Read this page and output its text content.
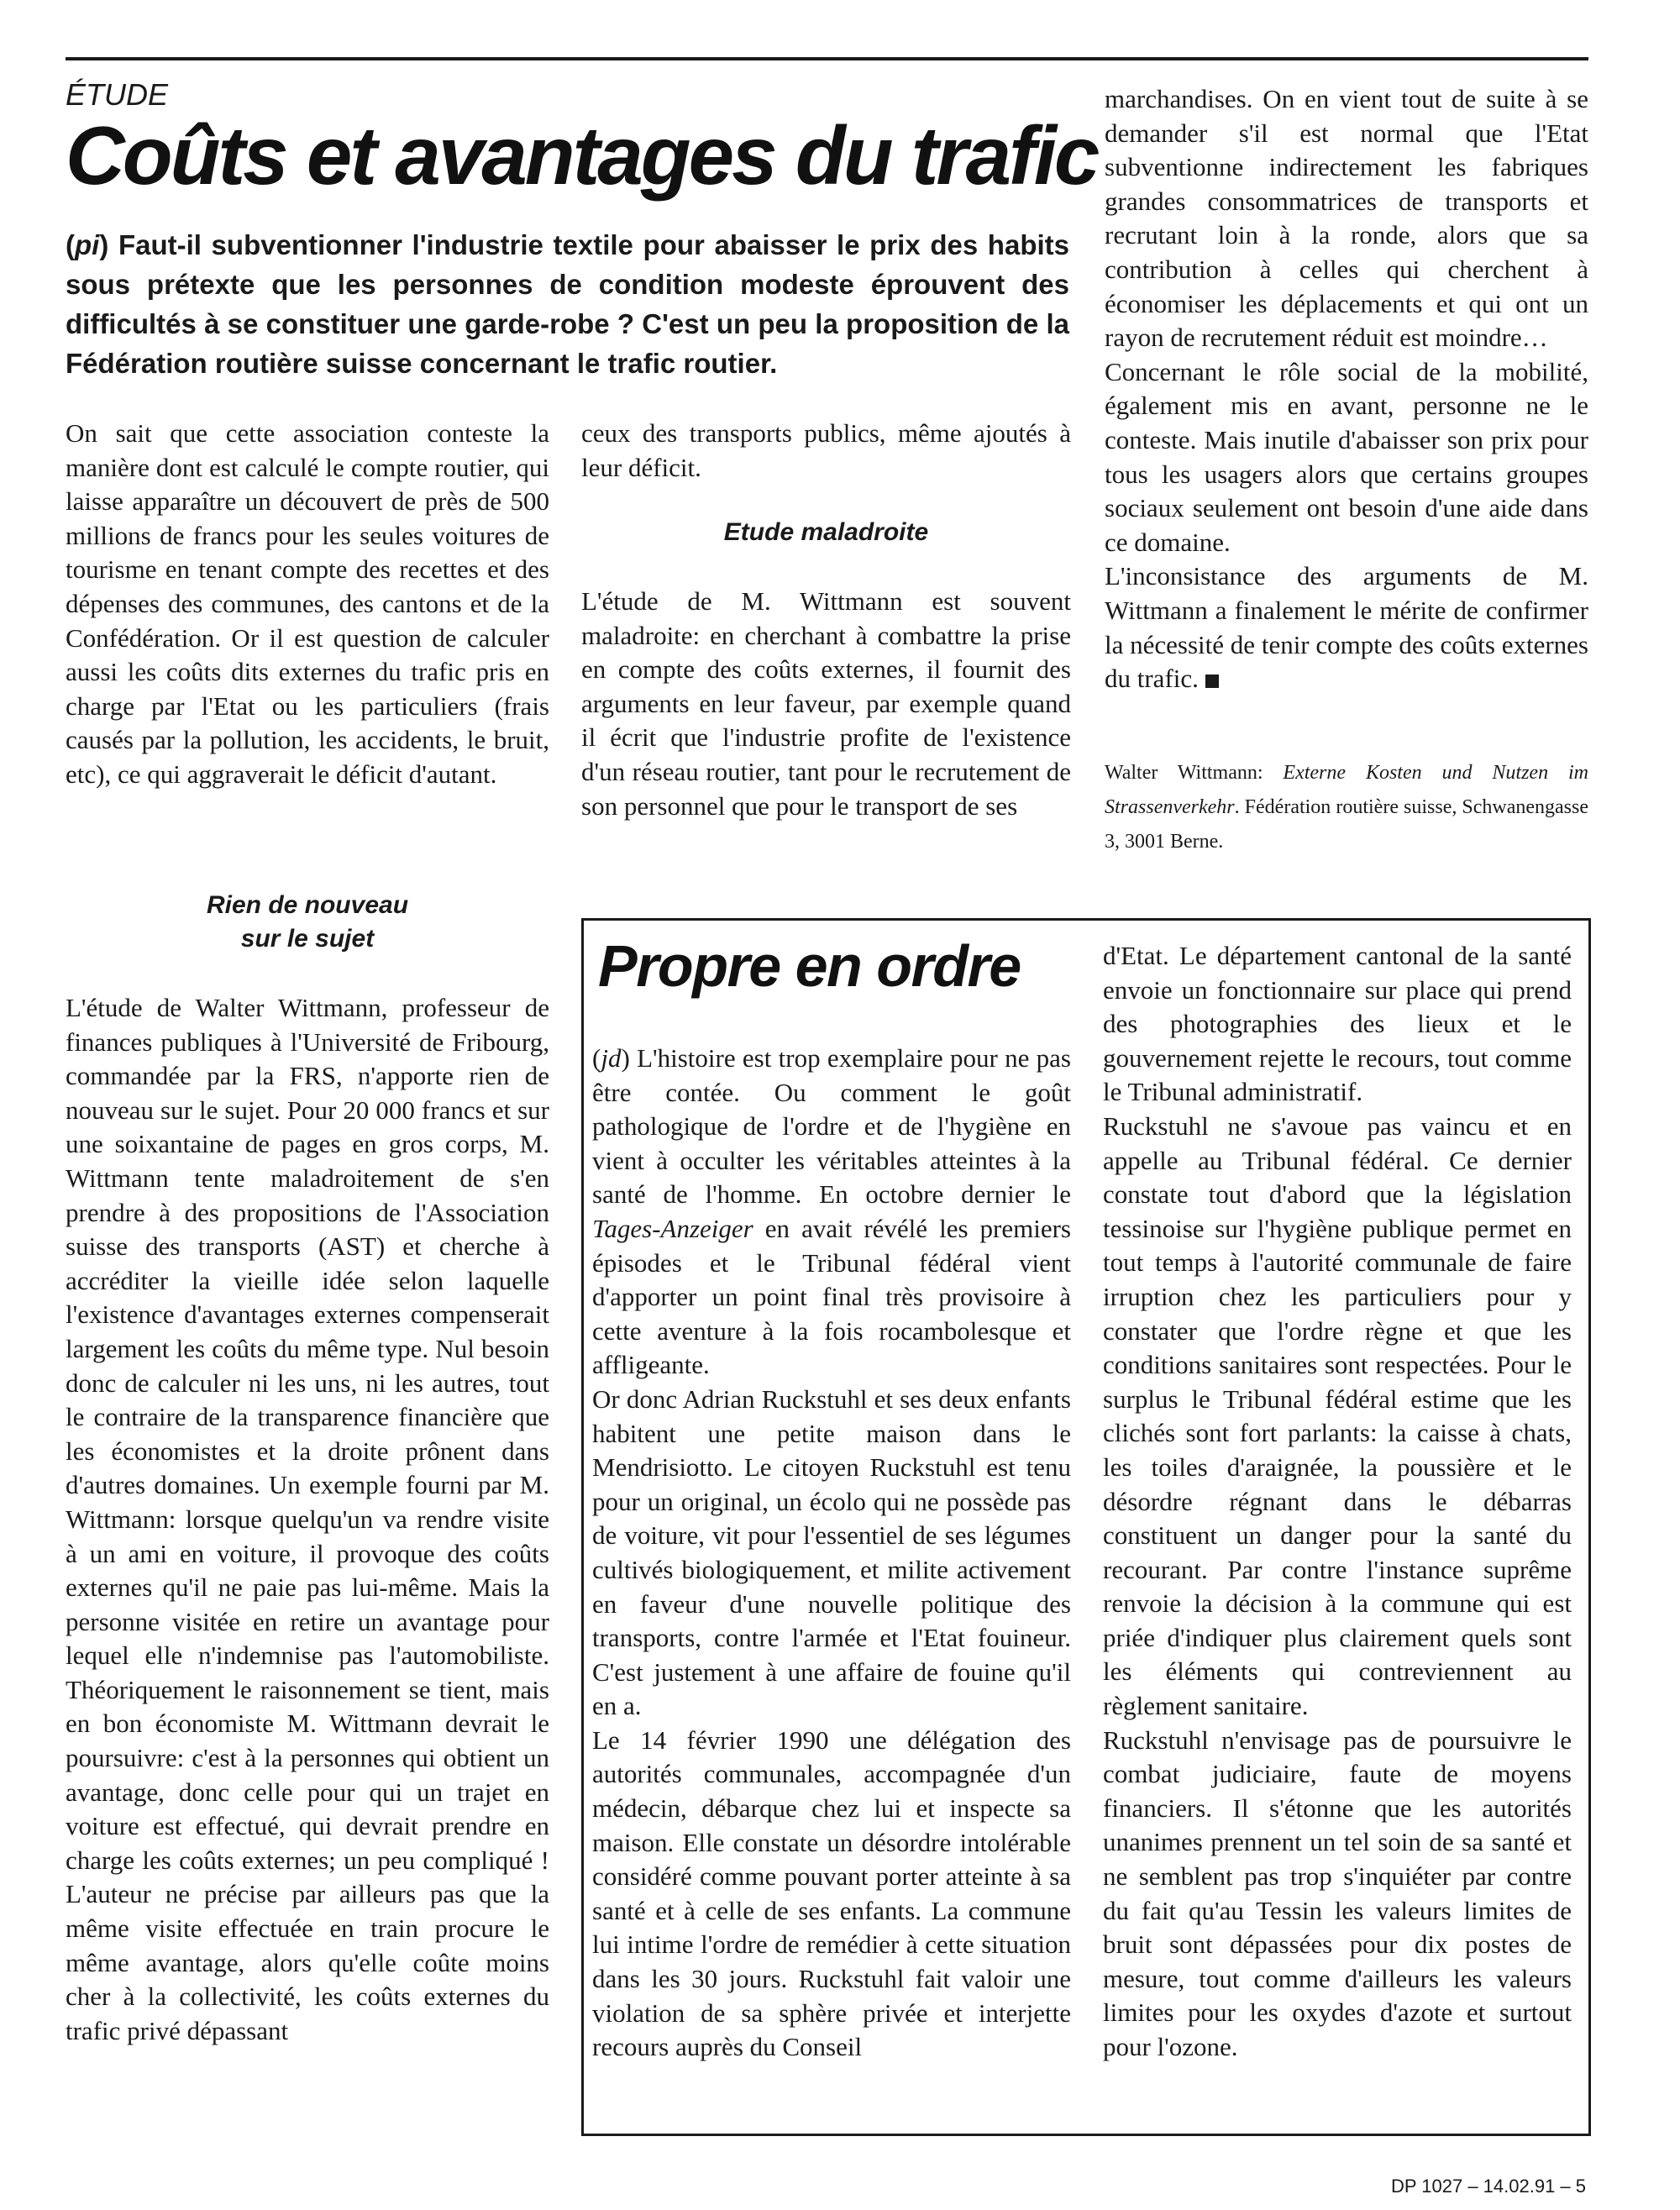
ÉTUDE
Coûts et avantages du trafic
(pi) Faut-il subventionner l'industrie textile pour abaisser le prix des habits sous prétexte que les personnes de condition modeste éprouvent des difficultés à se constituer une garde-robe ? C'est un peu la proposition de la Fédération routière suisse concernant le trafic routier.

On sait que cette association conteste la manière dont est calculé le compte routier, qui laisse apparaître un découvert de près de 500 millions de francs pour les seules voitures de tourisme en tenant compte des recettes et des dépenses des communes, des cantons et de la Confédération. Or il est question de calculer aussi les coûts dits externes du trafic pris en charge par l'Etat ou les particuliers (frais causés par la pollution, les accidents, le bruit, etc), ce qui aggraverait le déficit d'autant.

Rien de nouveau
sur le sujet

L'étude de Walter Wittmann, professeur de finances publiques à l'Université de Fribourg, commandée par la FRS, n'apporte rien de nouveau sur le sujet. Pour 20 000 francs et sur une soixantaine de pages en gros corps, M. Wittmann tente maladroitement de s'en prendre à des propositions de l'Association suisse des transports (AST) et cherche à accréditer la vieille idée selon laquelle l'existence d'avantages externes compenserait largement les coûts du même type. Nul besoin donc de calculer ni les uns, ni les autres, tout le contraire de la transparence financière que les économistes et la droite prônent dans d'autres domaines. Un exemple fourni par M. Wittmann: lorsque quelqu'un va rendre visite à un ami en voiture, il provoque des coûts externes qu'il ne paie pas lui-même. Mais la personne visitée en retire un avantage pour lequel elle n'indemnise pas l'automobiliste. Théoriquement le raisonnement se tient, mais en bon économiste M. Wittmann devrait le poursuivre: c'est à la personnes qui obtient un avantage, donc celle pour qui un trajet en voiture est effectué, qui devrait prendre en charge les coûts externes; un peu compliqué ! L'auteur ne précise par ailleurs pas que la même visite effectuée en train procure le même avantage, alors qu'elle coûte moins cher à la collectivité, les coûts externes du trafic privé dépassant

ceux des transports publics, même ajoutés à leur déficit.

Etude maladroite

L'étude de M. Wittmann est souvent maladroite: en cherchant à combattre la prise en compte des coûts externes, il fournit des arguments en leur faveur, par exemple quand il écrit que l'industrie profite de l'existence d'un réseau routier, tant pour le recrutement de son personnel que pour le transport de ses

marchandises. On en vient tout de suite à se demander s'il est normal que l'Etat subventionne indirectement les fabriques grandes consommatrices de transports et recrutant loin à la ronde, alors que sa contribution à celles qui cherchent à économiser les déplacements et qui ont un rayon de recrutement réduit est moindre…

Concernant le rôle social de la mobilité, également mis en avant, personne ne le conteste. Mais inutile d'abaisser son prix pour tous les usagers alors que certains groupes sociaux seulement ont besoin d'une aide dans ce domaine.

L'inconsistance des arguments de M. Wittmann a finalement le mérite de confirmer la nécessité de tenir compte des coûts externes du trafic.

Walter Wittmann: Externe Kosten und Nutzen im Strassenverkehr. Fédération routière suisse, Schwanengasse 3, 3001 Berne.
Propre en ordre

(jd) L'histoire est trop exemplaire pour ne pas être contée. Ou comment le goût pathologique de l'ordre et de l'hygiène en vient à occulter les véritables atteintes à la santé de l'homme. En octobre dernier le Tages-Anzeiger en avait révélé les premiers épisodes et le Tribunal fédéral vient d'apporter un point final très provisoire à cette aventure à la fois rocambolesque et affligeante.

Or donc Adrian Ruckstuhl et ses deux enfants habitent une petite maison dans le Mendrisiotto. Le citoyen Ruckstuhl est tenu pour un original, un écolo qui ne possède pas de voiture, vit pour l'essentiel de ses légumes cultivés biologiquement, et milite activement en faveur d'une nouvelle politique des transports, contre l'armée et l'Etat fouineur. C'est justement à une affaire de fouine qu'il en a.

Le 14 février 1990 une délégation des autorités communales, accompagnée d'un médecin, débarque chez lui et inspecte sa maison. Elle constate un désordre intolérable considéré comme pouvant porter atteinte à sa santé et à celle de ses enfants. La commune lui intime l'ordre de remédier à cette situation dans les 30 jours. Ruckstuhl fait valoir une violation de sa sphère privée et interjette recours auprès du Conseil

d'Etat. Le département cantonal de la santé envoie un fonctionnaire sur place qui prend des photographies des lieux et le gouvernement rejette le recours, tout comme le Tribunal administratif.

Ruckstuhl ne s'avoue pas vaincu et en appelle au Tribunal fédéral. Ce dernier constate tout d'abord que la législation tessinoise sur l'hygiène publique permet en tout temps à l'autorité communale de faire irruption chez les particuliers pour y constater que l'ordre règne et que les conditions sanitaires sont respectées. Pour le surplus le Tribunal fédéral estime que les clichés sont fort parlants: la caisse à chats, les toiles d'araignée, la poussière et le désordre régnant dans le débarras constituent un danger pour la santé du recourant. Par contre l'instance suprême renvoie la décision à la commune qui est priée d'indiquer plus clairement quels sont les éléments qui contreviennent au règlement sanitaire.

Ruckstuhl n'envisage pas de poursuivre le combat judiciaire, faute de moyens financiers. Il s'étonne que les autorités unanimes prennent un tel soin de sa santé et ne semblent pas trop s'inquiéter par contre du fait qu'au Tessin les valeurs limites de bruit sont dépassées pour dix postes de mesure, tout comme d'ailleurs les valeurs limites pour les oxydes d'azote et surtout pour l'ozone.

DP 1027 – 14.02.91 – 5
